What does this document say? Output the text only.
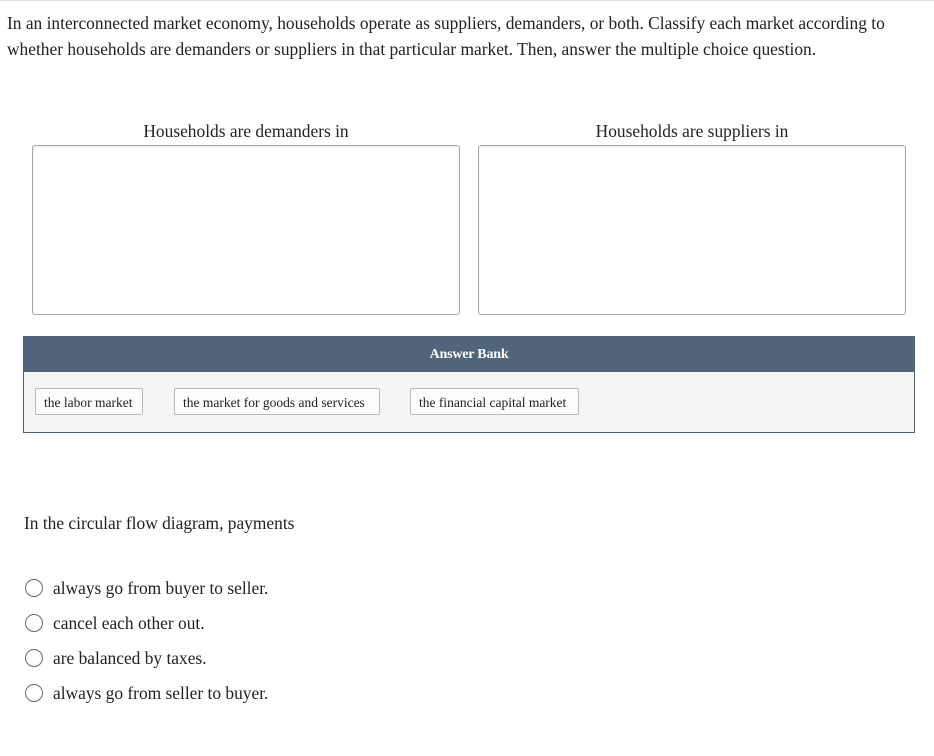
In an interconnected market economy, households operate as suppliers, demanders, or both. Classify each market according to whether households are demanders or suppliers in that particular market. Then, answer the multiple choice question.

Households are demanders in	Households are suppliers in
Answer Bank
the labor market	the market for goods and services	the financial capital market
In the circular flow diagram, payments
always go from buyer to seller.
cancel each other out.
are balanced by taxes.
always go from seller to buyer.
